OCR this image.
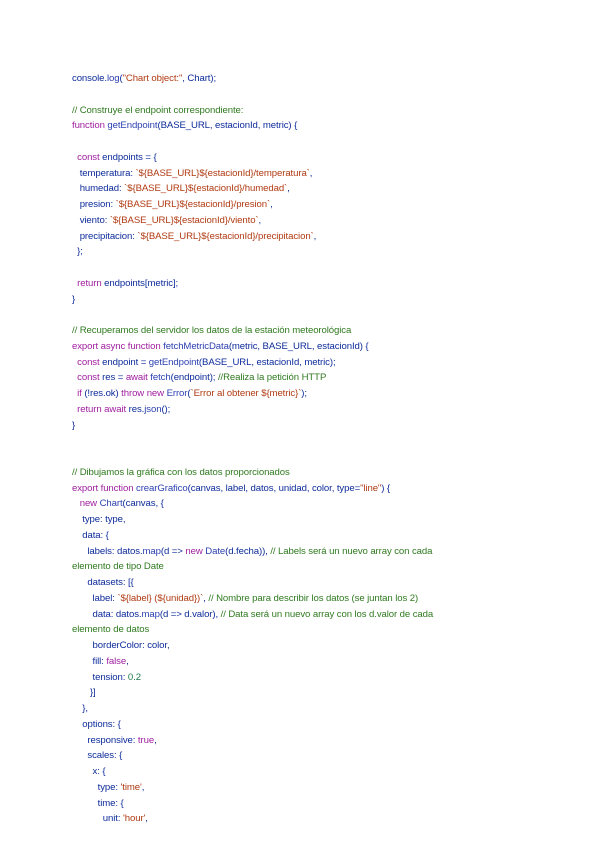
console.log("Chart object:", Chart);
// Construye el endpoint correspondiente:
function getEndpoint(BASE_URL, estacionId, metric) {
const endpoints = {
temperatura: `${BASE_URL}${estacionId}/temperatura`,
humedad: `${BASE_URL}${estacionId}/humedad`,
presion: `${BASE_URL}${estacionId}/presion`,
viento: `${BASE_URL}${estacionId}/viento`,
precipitacion: `${BASE_URL}${estacionId}/precipitacion`,
};
return endpoints[metric];
}
// Recuperamos del servidor los datos de la estación meteorológica
export async function fetchMetricData(metric, BASE_URL, estacionId) {
const endpoint = getEndpoint(BASE_URL, estacionId, metric);
const res = await fetch(endpoint); //Realiza la petición HTTP
if (!res.ok) throw new Error(`Error al obtener ${metric}`);
return await res.json();
}
// Dibujamos la gráfica con los datos proporcionados
export function crearGrafico(canvas, label, datos, unidad, color, type="line") {
new Chart(canvas, {
type: type,
data: {
labels: datos.map(d => new Date(d.fecha)), // Labels será un nuevo array con cada
elemento de tipo Date
datasets: [{
label: `${label} (${unidad})`, // Nombre para describir los datos (se juntan los 2)
data: datos.map(d => d.valor), // Data será un nuevo array con los d.valor de cada
elemento de datos
borderColor: color,
fill: false,
tension: 0.2
}]
},
options: {
responsive: true,
scales: {
x: {
type: 'time',
time: {
unit: 'hour',
